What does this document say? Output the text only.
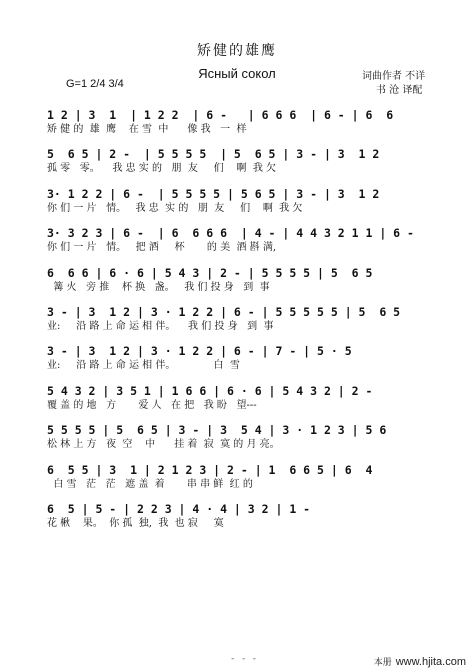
矫健的雄鹰
Ясный сокол
G=1 2/4 3/4
词曲作者 不详
书 沧 译配
1 2 | 3  1  | 1 2 2  | 6 -   | 6 6 6  | 6 - | 6  6
矫 健 的  雄  鹰    在 雪  中      像 我   一  样
5  6 5 | 2 -  | 5 5 5 5  | 5  6 5 | 3 - | 3  1 2
孤 零   零。    我 忠 实 的   朋  友     们    啊  我 欠
3· 1 2 2 | 6 -  | 5 5 5 5 | 5 6 5 | 3 - | 3  1 2
你 们 一 片   情。   我 忠  实 的   朋  友     们    啊  我 欠
3· 3 2 3 | 6 -  | 6  6 6 6  | 4 - | 4 4 3 2 1 1 | 6 -
你 们 一 片   情。   把 酒     杯       的 美  酒 斟 满,
6  6 6 | 6 · 6 | 5 4 3 | 2 - | 5 5 5 5 | 5  6 5
篝 火   旁 推    杯 换   盏。   我 们 投 身   到  事
3 - | 3  1 2 | 3 · 1 2 2 | 6 - | 5 5 5 5 5 | 5  6 5
业:     沿 路 上 命 运 相 伴。    我 们 投 身   到  事
3 - | 3  1 2 | 3 · 1 2 2 | 6 - | 7 - | 5 · 5
业:     沿 路 上 命 运 相 伴。            白  雪
5 4 3 2 | 3 5 1 | 1 6 6 | 6 · 6 | 5 4 3 2 | 2 -
覆 盖 的 地   方       爱 人   在 把   我 盼   望---
5 5 5 5 | 5  6 5 | 3 - | 3  5 4 | 3 · 1 2 3 | 5 6
松 林 上 方   夜  空    中      挂 着  寂  寞 的 月 亮。
6  5 5 | 3  1 | 2 1 2 3 | 2 - | 1  6 6 5 | 6  4
白 雪   茫   茫   遮 盖  着       串 串 鲜  红 的
6  5 | 5 - | 2 2 3 | 4 · 4 | 3 2 | 1 -
花 楸    果。  你 孤  独,  我  也 寂     寞
- - -	本册 www.hjita.com
